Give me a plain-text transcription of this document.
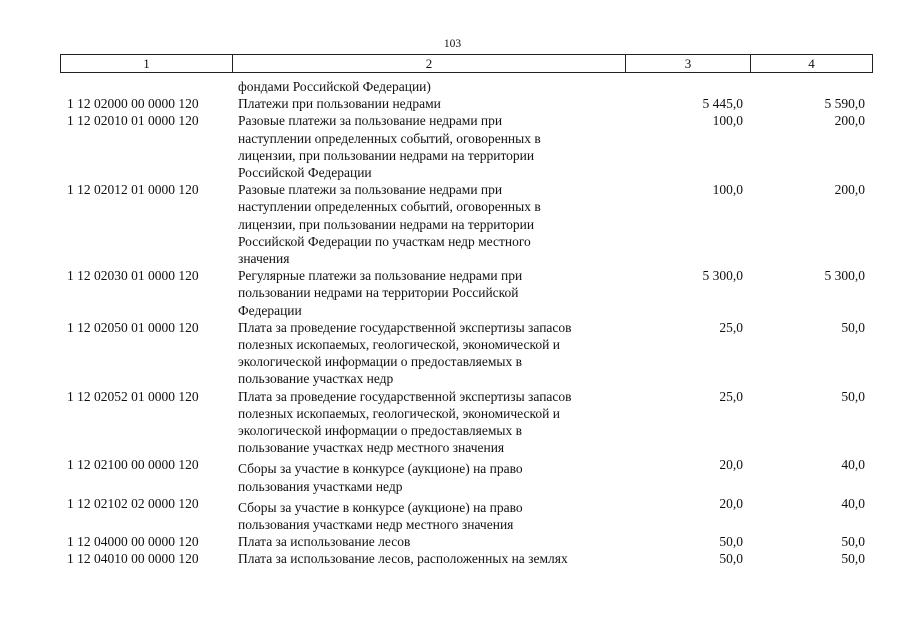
103
1	2	3	4
фондами Российской Федерации)
1 12 02000 00 0000 120	Платежи при пользовании недрами	5 445,0	5 590,0
1 12 02010 01 0000 120	Разовые платежи за пользование недрами при
наступлении определенных событий, оговоренных в
лицензии, при пользовании недрами на территории
Российской Федерации
100,0	200,0
1 12 02012 01 0000 120	Разовые платежи за пользование недрами при
наступлении определенных событий, оговоренных в
лицензии, при пользовании недрами на территории
Российской Федерации по участкам недр местного
значения
100,0	200,0
1 12 02030 01 0000 120	Регулярные платежи за пользование недрами при
пользовании недрами на территории Российской
Федерации
5 300,0	5 300,0
1 12 02050 01 0000 120	Плата за проведение государственной экспертизы запасов
полезных ископаемых, геологической, экономической и
экологической информации о предоставляемых в
пользование участках недр
25,0	50,0
1 12 02052 01 0000 120	Плата за проведение государственной экспертизы запасов
полезных ископаемых, геологической, экономической и
экологической информации о предоставляемых в
пользование участках недр местного значения
25,0	50,0
1 12 02100 00 0000 120	Сборы за участие в конкурсе (аукционе) на право
пользования участками недр
20,0	40,0
1 12 02102 02 0000 120	Сборы за участие в конкурсе (аукционе) на право
пользования участками недр местного значения
20,0	40,0
1 12 04000 00 0000 120	Плата за использование лесов	50,0	50,0
1 12 04010 00 0000 120	Плата за использование лесов, расположенных на землях	50,0	50,0
